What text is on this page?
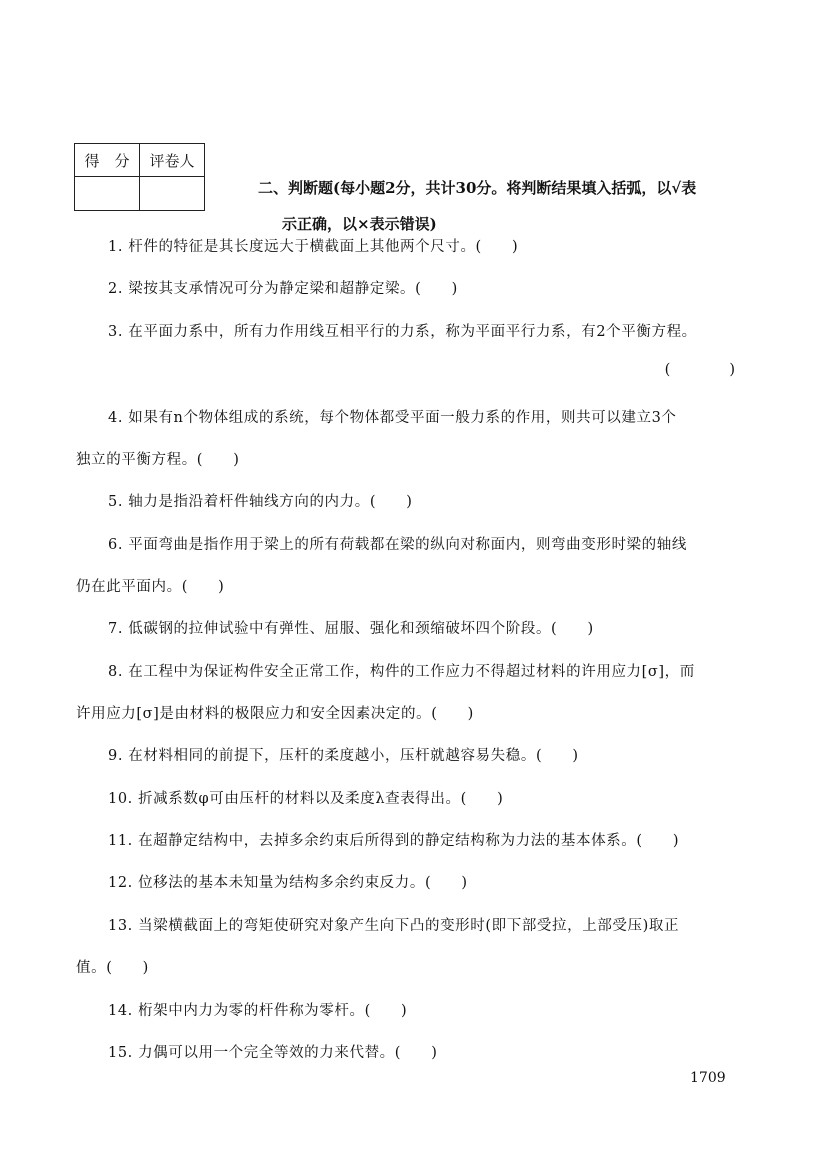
得　分	评卷人

二、判断题(每小题2分，共计30分。将判断结果填入括弧，以√表
示正确，以×表示错误)

1. 杆件的特征是其长度远大于横截面上其他两个尺寸。(　　)

2. 梁按其支承情况可分为静定梁和超静定梁。(　　)

3. 在平面力系中，所有力作用线互相平行的力系，称为平面平行力系，有2个平衡方程。

(　　)

4. 如果有n个物体组成的系统，每个物体都受平面一般力系的作用，则共可以建立3个
独立的平衡方程。(　　)

5. 轴力是指沿着杆件轴线方向的内力。(　　)

6. 平面弯曲是指作用于梁上的所有荷载都在梁的纵向对称面内，则弯曲变形时梁的轴线
仍在此平面内。(　　)

7. 低碳钢的拉伸试验中有弹性、屈服、强化和颈缩破坏四个阶段。(　　)

8. 在工程中为保证构件安全正常工作，构件的工作应力不得超过材料的许用应力[σ]，而
许用应力[σ]是由材料的极限应力和安全因素决定的。(　　)

9. 在材料相同的前提下，压杆的柔度越小，压杆就越容易失稳。(　　)

10. 折减系数φ可由压杆的材料以及柔度λ查表得出。(　　)

11. 在超静定结构中，去掉多余约束后所得到的静定结构称为力法的基本体系。(　　)

12. 位移法的基本未知量为结构多余约束反力。(　　)

13. 当梁横截面上的弯矩使研究对象产生向下凸的变形时(即下部受拉，上部受压)取正
值。(　　)

14. 桁架中内力为零的杆件称为零杆。(　　)

15. 力偶可以用一个完全等效的力来代替。(　　)

1709
